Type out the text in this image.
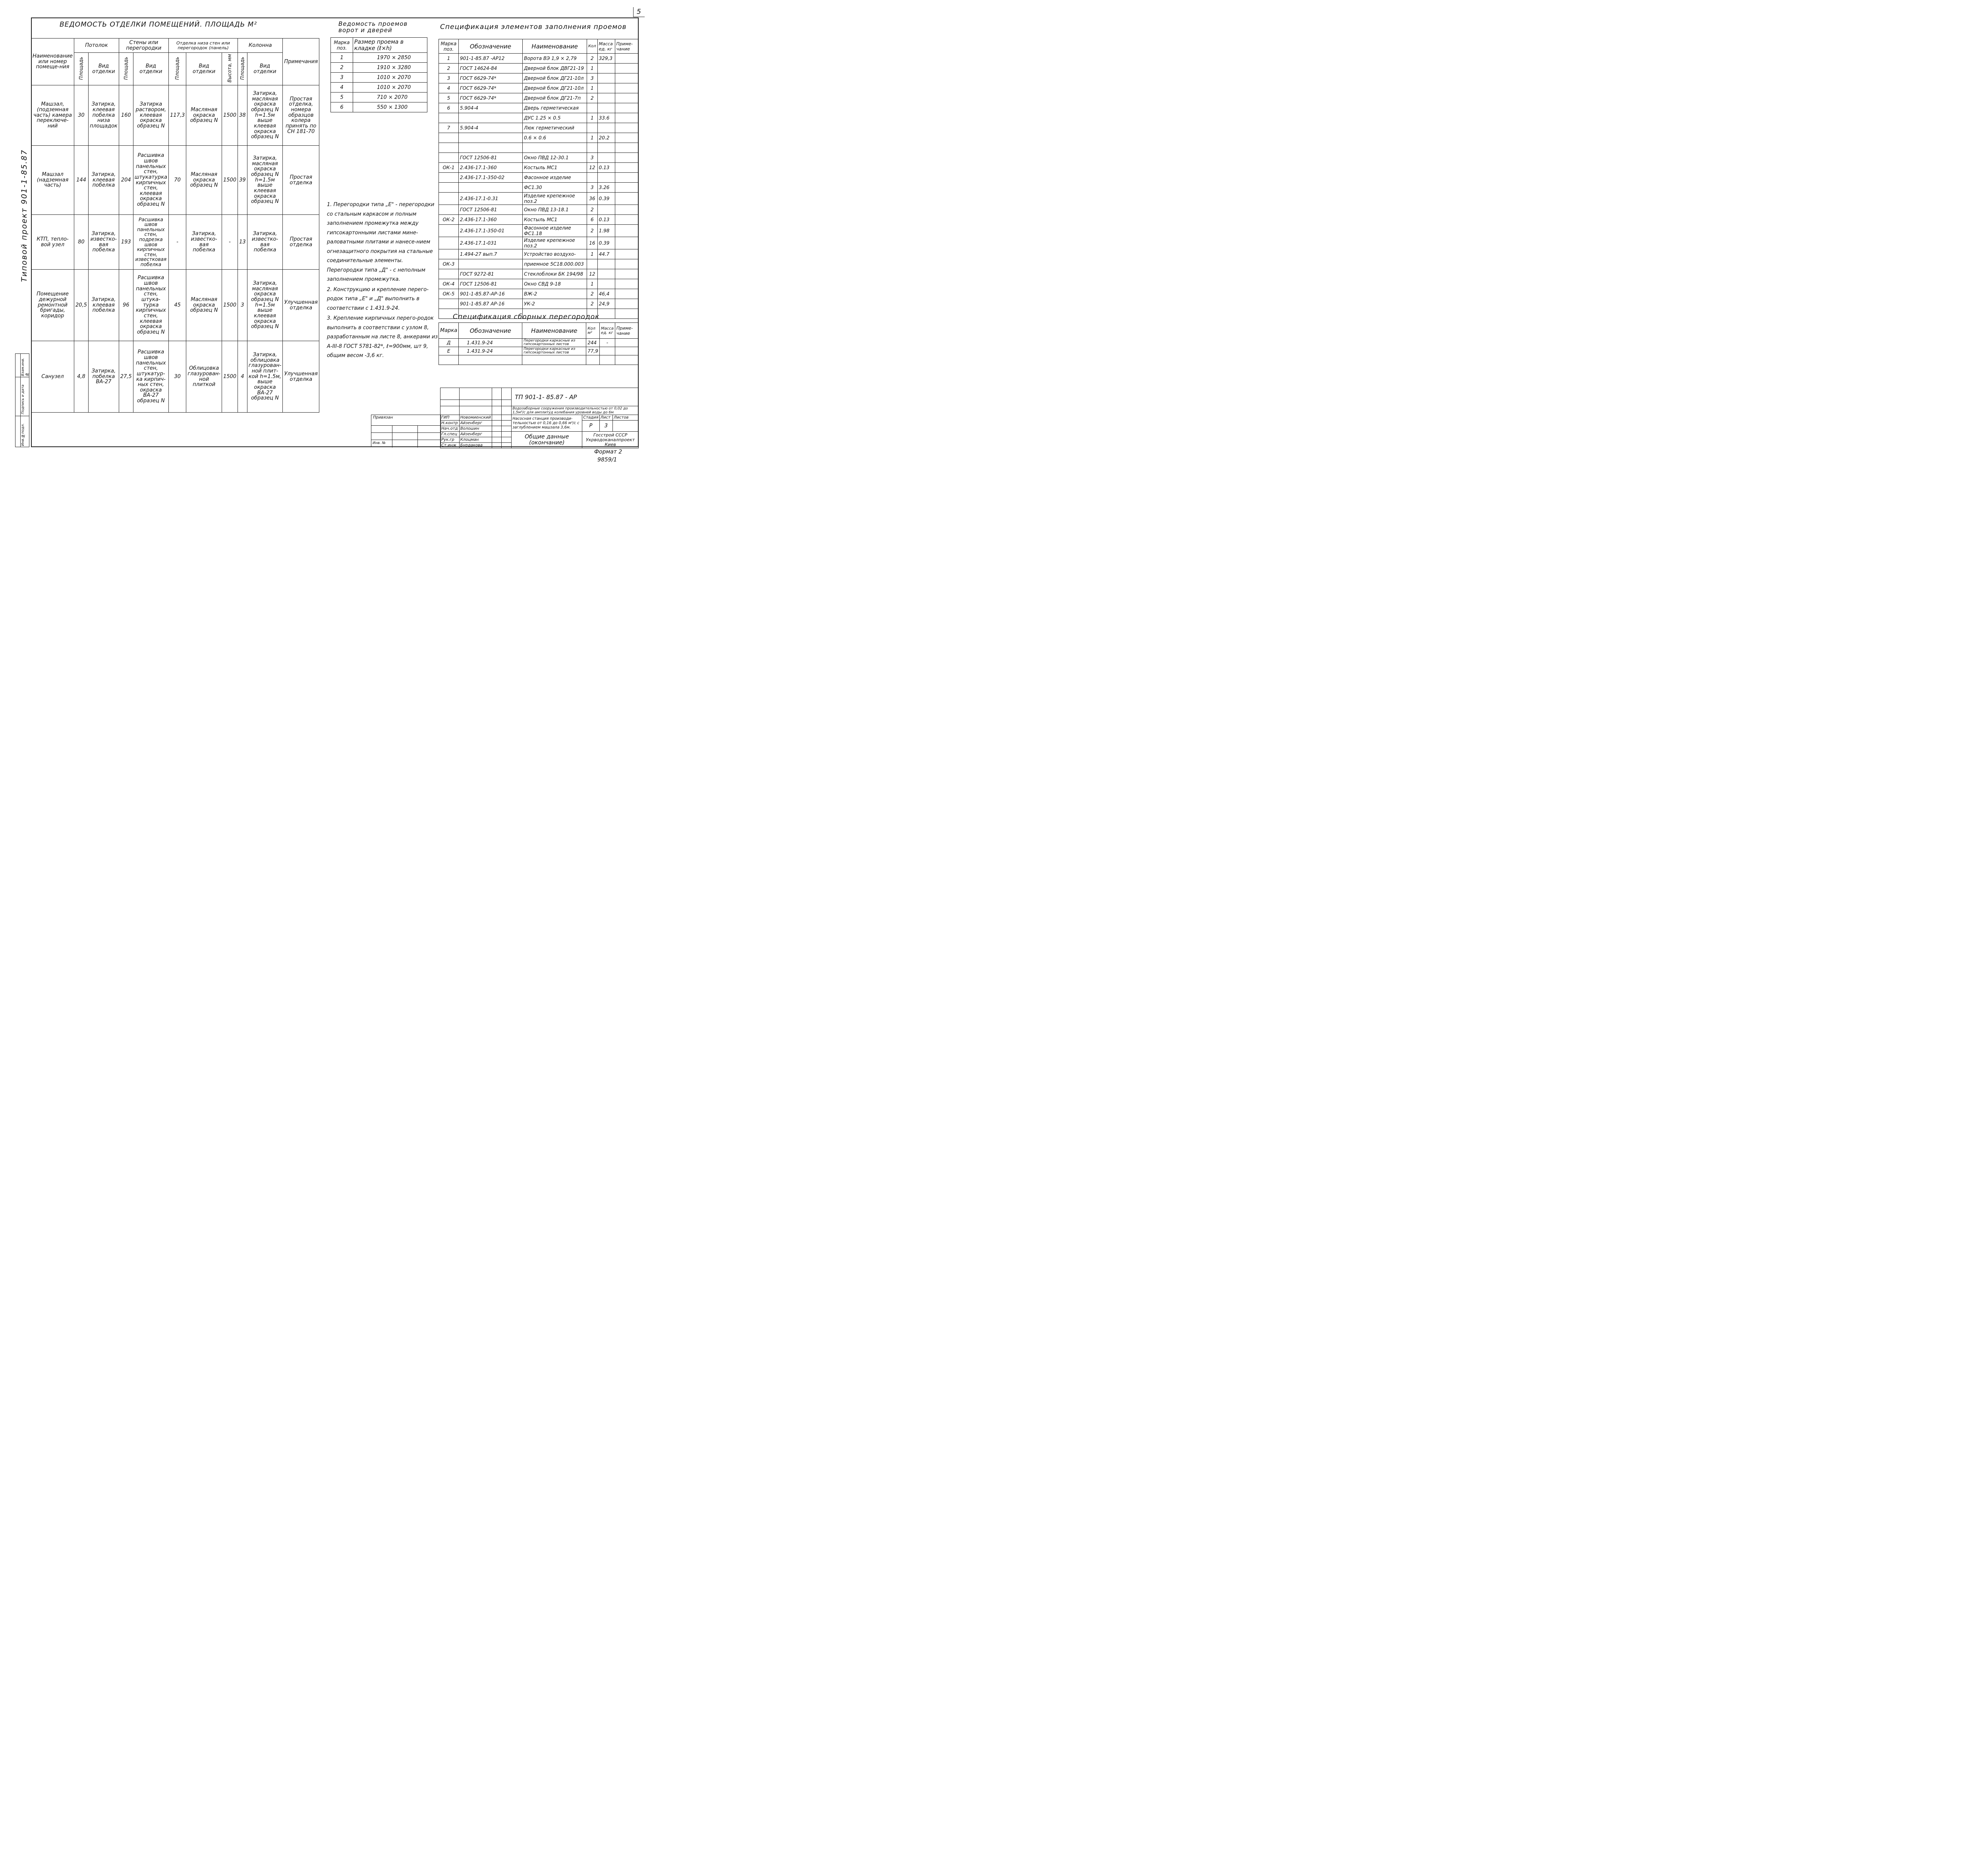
5
Инв.№подл.
Подпись и дата
Взам.инв.№
Типовой проект 901-1-85.87
ВЕДОМОСТЬ ОТДЕЛКИ ПОМЕЩЕНИЙ. ПЛОЩАДЬ М²
Наименование или номер помеще-ния	Потолок		Стены или перегородки		Отделка низа стен или перегородок (панель)			Колонна		Примечания
	Площадь	Вид отделки	Площадь	Вид отделки	Площадь	Вид отделки	Высота, мм	Площадь	Вид отделки	
Машзал, (подземная часть) камера переключе-ний	30	Затирка, клеевая побелка низа площадок	160	Затирка раствором, клеевая окраска образец N	117,3	Масляная окраска образец N	1500	38	Затирка, масляная окраска образец N h=1.5м выше клеевая окраска образец N	Простая отделка, номера образцов колера принять по СН 181-70
Машзал (надземная часть)	144	Затирка, клеевая побелка	204	Расшивка швов панельных стен, штукатурка кирпичных стен, клеевая окраска образец N	70	Масляная окраска образец N	1500	39	Затирка, масляная окраска образец N h=1.5м выше клеевая окраска образец N	Простая отделка
КТП, тепло-вой узел	80	Затирка, известко-вая побелка	193	Расшивка швов панельных стен, подрезка швов кирпичных стен, известковая побелка	-	Затирка, известко-вая побелка	-	13	Затирка, известко-вая побелка	Простая отделка
Помещение дежурной ремонтной бригады, коридор	20,5	Затирка, клеевая побелка	96	Расшивка швов панельных стен, штука-турка кирпичных стен, клеевая окраска образец N	45	Масляная окраска образец N	1500	3	Затирка, масляная окраска образец N h=1.5м выше клеевая окраска образец N	Улучшенная отделка
Санузел	4,8	Затирка, побелка ВА-27	27,5	Расшивка швов панельных стен, штукатур-ка кирпич-ных стен, окраска ВА-27 образец N	30	Облицовка глазурован-ной плиткой	1500	4	Затирка, облицовка глазурован-ной плит-кой h=1.5м, выше окраска ВА-27 образец N	Улучшенная отделка
Ведомость проемов ворот и дверей
Марка поз.	Размер проема в кладке (ℓ×h)
1	1970 × 2850
2	1910 × 3280
3	1010 × 2070
4	1010 × 2070
5	710 × 2070
6	550 × 1300
Спецификация элементов заполнения проемов
Марка поз.	Обозначение	Наименование	Кол	Масса ед. кг	Приме-чание
1	901-1-85.87 -АР12	Ворота ВЭ 1,9 × 2,79	2	329,3	
2	ГОСТ 14624-84	Дверной блок ДВГ21-19	1		
3	ГОСТ 6629-74*	Дверной блок ДГ21-10л	3		
4	ГОСТ 6629-74*	Дверной блок ДГ21-10л	1		
5	ГОСТ 6629-74*	Дверной блок ДГ21-7п	2		
6	5.904-4	Дверь герметическая			
		ДУС 1.25 × 0.5	1	33.6	
7	5.904-4	Люк герметический			
		0.6 × 0.6	1	20.2	

	ГОСТ 12506-81	Окно ПВД 12-30.1	3		
ОК-1	2.436-17.1-360	Костыль МС1	12	0.13	
	2.436-17.1-350-02	Фасонное изделие			
		ФС1.30	3	3.26	
	2.436-17.1-0.31	Изделие крепежное поз.2	36	0.39	
	ГОСТ 12506-81	Окно ПВД 13-18.1	2		
ОК-2	2.436-17.1-360	Костыль МС1	6	0.13	
	2.436-17.1-350-01	Фасонное изделие ФС1.18	2	1.98	
	2.436-17.1-031	Изделие крепежное поз.2	16	0.39	
	1.494-27 вып.7	Устройство воздухо-	1	44.7	
ОК-3		приемное 5С18.000.003			
	ГОСТ 9272-81	Стеклоблоки БК 194/98	12		
ОК-4	ГОСТ 12506-81	Окно СВД 9-18	1		
ОК-5	901-1-85.87-АР-16	ВЖ-2	2	46,4	
	901-1-85.87 АР-16	УК-2	2	24,9	

1. Перегородки типа „Е" - перегородки со стальным каркасом и полным заполнением промежутка между гипсокартонными листами мине-раловатными плитами и нанесе-нием огнезащитного покрытия на стальные соединительные элементы. Перегородки типа „Д" - с неполным заполнением промежутка.

2. Конструкцию и крепление перего-родок типа „Е" и „Д" выполнить в соответствии с 1.431.9-24.

3. Крепление кирпичных перего-родок выполнить в соответствии с узлом 8, разработанным на листе 8, анкерами из А-III-8 ГОСТ 5781-82*, ℓ=900мм, шт 9, общим весом -3,6 кг.

Спецификация сборных перегородок
Марка	Обозначение	Наименование	Кол м²	Масса ед. кг	Приме-чание
Д	1.431.9-24	Перегородки каркасные из гипсокартонных листов	244	-	
Е	1.431.9-24	Перегородки каркасные из гипсокартонных листов	77,9		

Привязан
Инв. №
				ТП 901-1- 85.87 - АР			

				Водозаборные сооружения производительностью от 0,02 до 1,5м³/с для амплитуд колебания уровней воды до 6м			
ГИП	Новомиенский			Насосная станция производи-тельностью от 0,16 до 0,66 м³/с с заглублением машзала 3,6м.	Стадия	Лист	Листов
Н.контр	Айзенберг				Р	3	
Нач.отд	Волошин						
Гл.спец	Айзенберг			Общие данные (окончание)	Госстрой СССР Укрводоканалпроект Киев		
Рук.гр	Клоцман						
Ст.инж	Бурдакова						
Формат 2
9859/1
